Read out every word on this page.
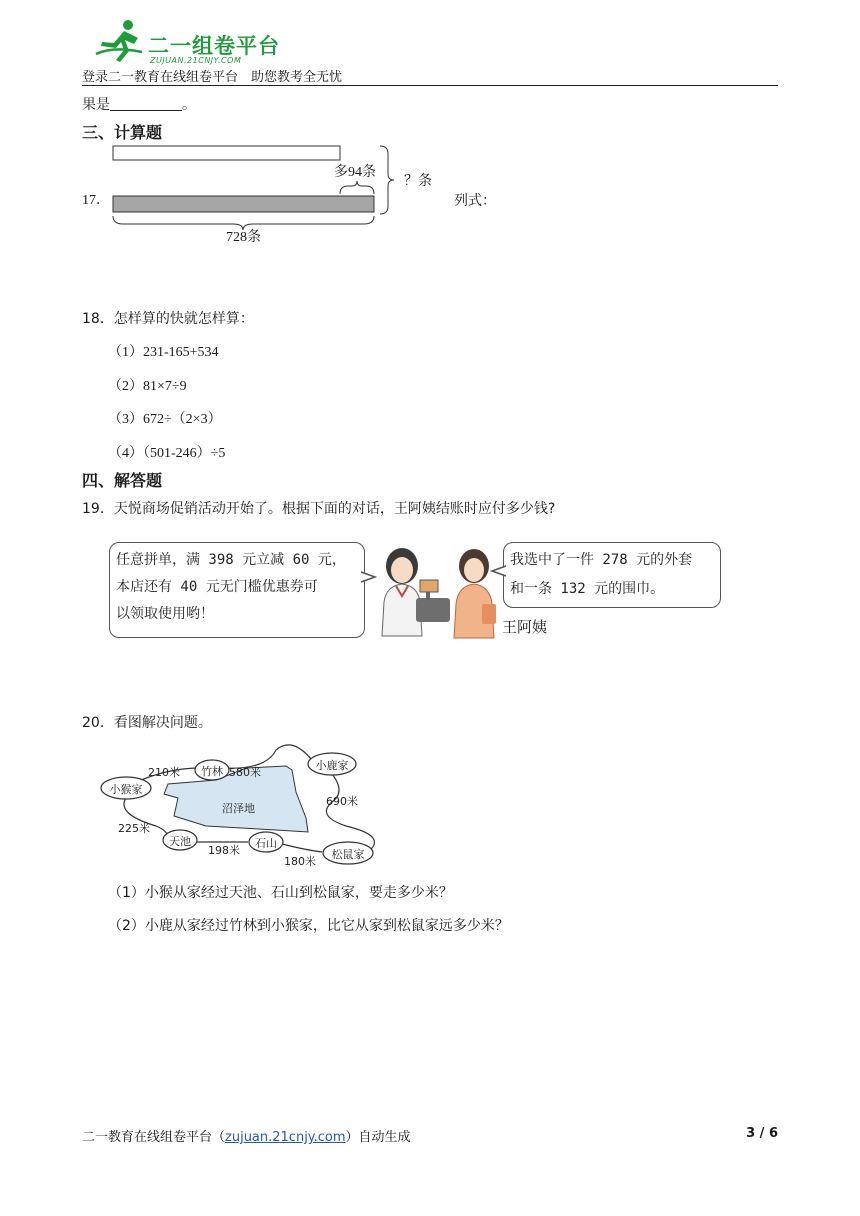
二一组卷平台
ZUJUAN.21CNJY.COM
登录二一教育在线组卷平台　助您教考全无忧
果是	。
三、计算题
17．
多94条
？条
728条
列式：
18．怎样算的快就怎样算：
（1）231-165+534
（2）81×7÷9
（3）672÷（2×3）
（4）（501-246）÷5
四、解答题
19．天悦商场促销活动开始了。根据下面的对话，王阿姨结账时应付多少钱?
任意拼单，满 398 元立减 60 元，
本店还有 40 元无门槛优惠券可
以领取使用哟！
王阿姨
我选中了一件 278 元的外套
和一条 132 元的围巾。
20．看图解决问题。
小猴家
竹林	小鹿家
天池	石山
松鼠家
沼泽地
210米	580米
690米
225米
198米
180米
（1）小猴从家经过天池、石山到松鼠家，要走多少米？
（2）小鹿从家经过竹林到小猴家，比它从家到松鼠家远多少米？
二一教育在线组卷平台（zujuan.21cnjy.com）自动生成	3 / 6
